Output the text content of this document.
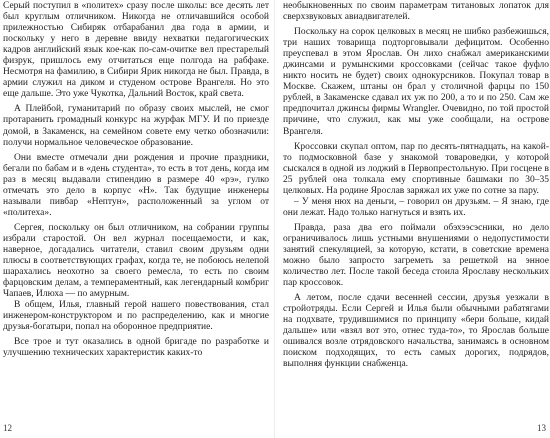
Серый поступил в «политех» сразу после школы: все десять лет был круглым отличником. Никогда не отличавшийся особой прилежностью Сибиряк отбарабанил два года в армии, и поскольку у него в деревне ввиду нехватки педагогических кадров английский язык кое-как по-сам-очитке вел престарелый физрук, пришлось ему отчитаться еще полгода на рабфаке. Несмотря на фамилию, в Сибири Ярик никогда не был. Правда, в армии служил на диком и студеном острове Врангеля. Но это еще дальше. Это уже Чукотка, Дальний Восток, край света.

А Плейбой, гуманитарий по образу своих мыслей, не смог протаранить громадный конкурс на журфак МГУ. И по приезде домой, в Закаменск, на семейном совете ему четко обозначили: получи нормальное человеческое образование.

Они вместе отмечали дни рождения и прочие праздники, бегали по бабам и в «день студента», то есть в тот день, когда им раз в месяц выдавали стипендию в размере 40 «рэ», гулко отмечать это дело в корпус «Н». Так будущие инженеры называли пивбар «Нептун», расположенный за углом от «политеха».

Сергея, поскольку он был отличником, на собрании группы избрали старостой. Он вел журнал посещаемости, и как, наверное, догадались читатели, ставил своим друзьям одни плюсы в соответствующих графах, когда те, не побоюсь нелепой шарахались неохотно за своего ремесла, то есть по своим фарцовским делам, а темпераментный, как легендарный комбриг Чапаев, Илюха — по амурным.

В общем, Илья, главный герой нашего повествования, стал инженером-конструктором и по распределению, как и многие друзья-богатыри, попал на оборонное предприятие.

Все трое и тут оказались в одной бригаде по разработке и улучшению технических характеристик каких-то

необыкновенных по своим параметрам титановых лопаток для сверхзвуковых авиадвигателей.

Поскольку на сорок целковых в месяц не шибко разбежишься, три наших товарища подторговывали дефицитом. Особенно преуспевал в этом Ярослав. Он лихо снабжал американскими джинсами и румынскими кроссовками (сейчас такое фуфло никто носить не будет) своих однокурсников. Покупал товар в Москве. Скажем, штаны он брал у столичной фарцы по 150 рублей, в Закаменске сдавал их уж по 200, а то и по 250. Сам же предпочитал джинсы фирмы Wrangler. Очевидно, по той простой причине, что служил, как мы уже сообщали, на острове Врангеля.

Кроссовки скупал оптом, пар по десять-пятнадцать, на какой-то подмосковной базе у знакомой товароведки, у которой сыскался в одной из лоджий в Первопрестольную. При госцене в 25 рублей она толкала ему спортивные башмаки по 30–35 целковых. На родине Ярослав заряжал их уже по сотне за пару.

– У меня нюх на деньги, – говорил он друзьям. – Я знаю, где они лежат. Надо только нагнуться и взять их.

Правда, раза два его поймали обэхээсэсники, но дело ограничивалось лишь устными внушениями о недопустимости занятий спекуляцией, за которую, кстати, в советские времена можно было запросто загреметь за решеткой на энное количество лет. После такой беседа стоила Ярославу нескольких пар кроссовок.

А летом, после сдачи весенней сессии, друзья уезжали в стройотряды. Если Сергей и Илья были обычными рабатягами на подхвате, трудившимися по принципу «бери больше, кидай дальше» или «взял вот это, отнес туда-то», то Ярослав больше ошивался возле отрядовского начальства, занимаясь в основном поиском подходящих, то есть самых дорогих, подрядов, выполняя функции снабженца.

12	13
